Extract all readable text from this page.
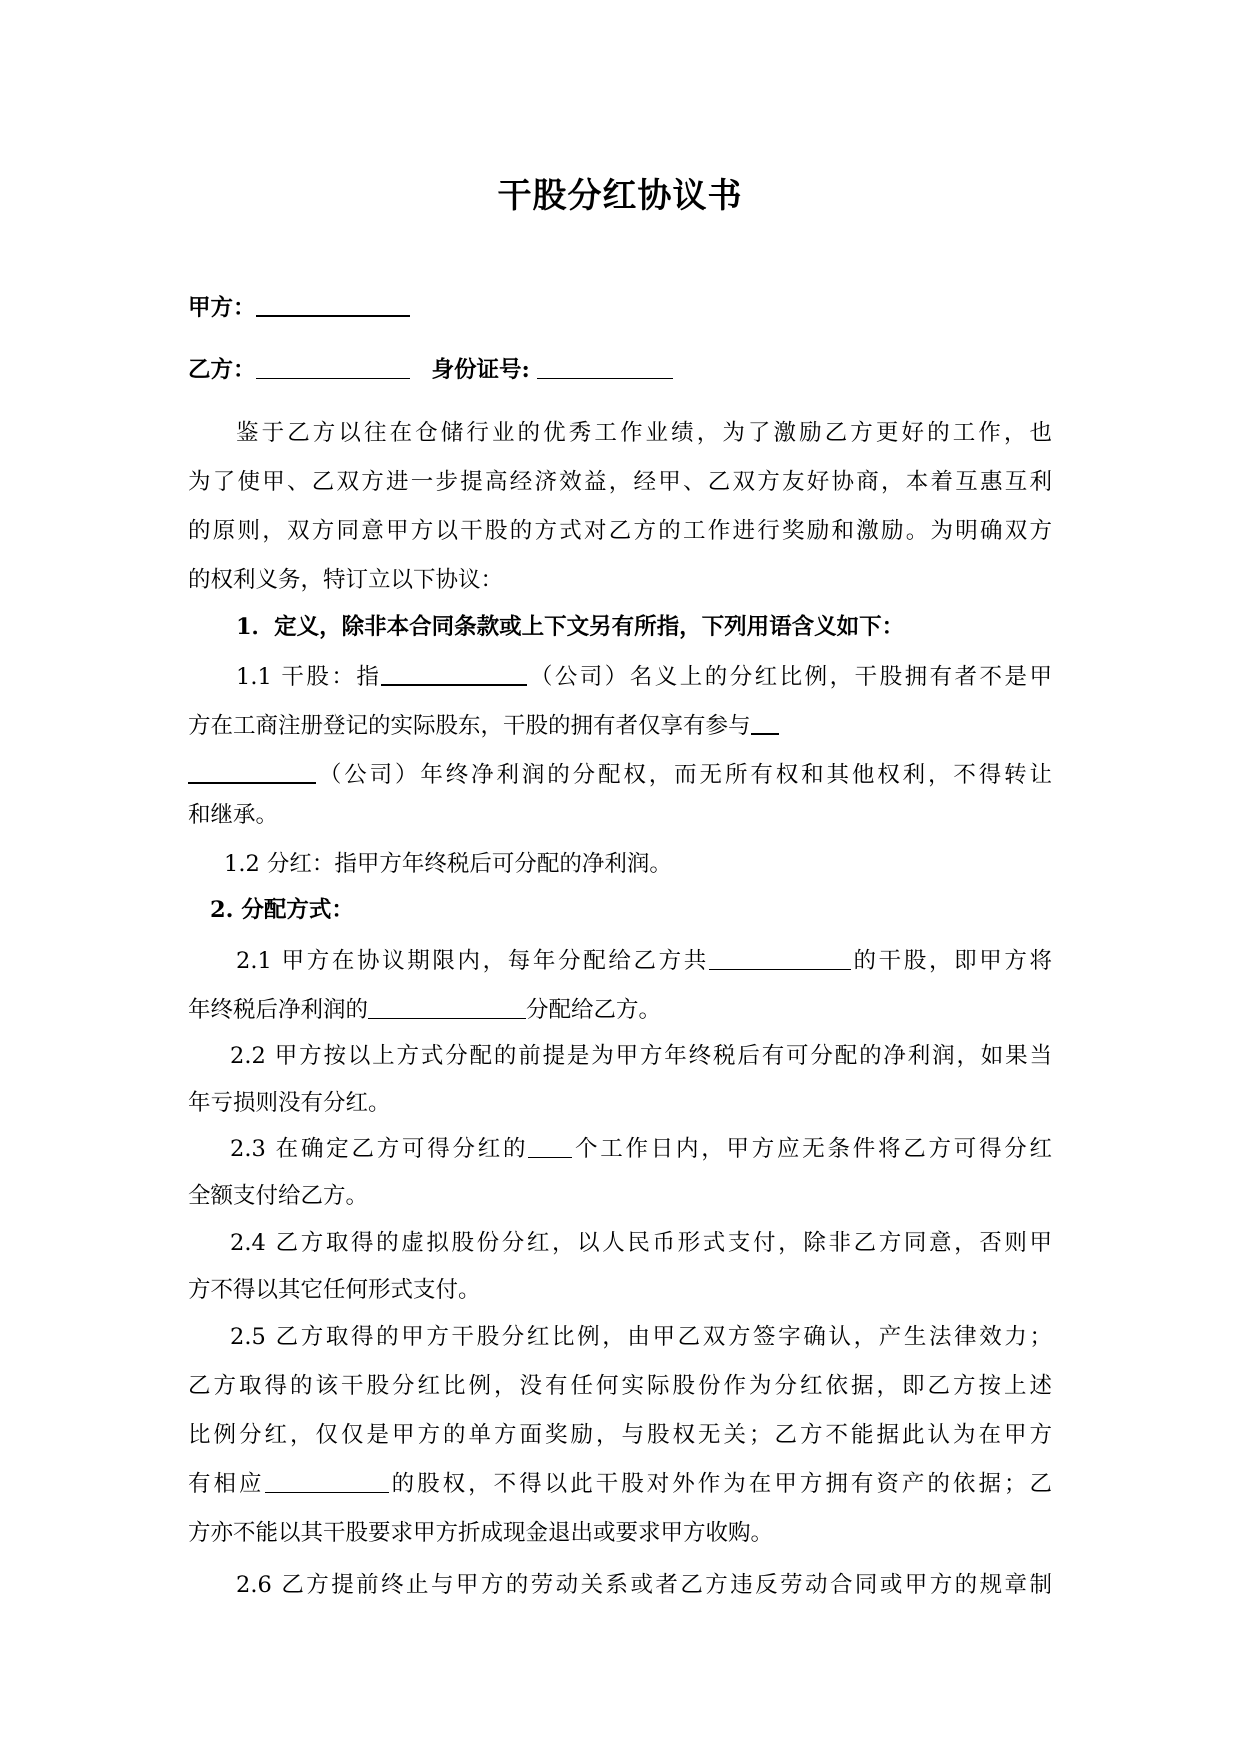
干股分红协议书
甲方：
乙方：	身份证号:
鉴于乙方以往在仓储行业的优秀工作业绩，为了激励乙方更好的工作，也
为了使甲、乙双方进一步提高经济效益，经甲、乙双方友好协商，本着互惠互利
的原则，双方同意甲方以干股的方式对乙方的工作进行奖励和激励。为明确双方
的权利义务，特订立以下协议：
1．定义，除非本合同条款或上下文另有所指，下列用语含义如下：
1.1 干股：指	（公司）名义上的分红比例，干股拥有者不是甲
方在工商注册登记的实际股东，干股的拥有者仅享有参与
（公司）年终净利润的分配权，而无所有权和其他权利，不得转让
和继承。
1.2 分红：指甲方年终税后可分配的净利润。
2. 分配方式：
2.1 甲方在协议期限内，每年分配给乙方共	的干股，即甲方将
年终税后净利润的	分配给乙方。
2.2 甲方按以上方式分配的前提是为甲方年终税后有可分配的净利润，如果当
年亏损则没有分红。
2.3 在确定乙方可得分红的 个工作日内，甲方应无条件将乙方可得分红
全额支付给乙方。
2.4 乙方取得的虚拟股份分红，以人民币形式支付，除非乙方同意，否则甲
方不得以其它任何形式支付。
2.5 乙方取得的甲方干股分红比例，由甲乙双方签字确认，产生法律效力；
乙方取得的该干股分红比例，没有任何实际股份作为分红依据，即乙方按上述
比例分红，仅仅是甲方的单方面奖励，与股权无关；乙方不能据此认为在甲方
有相应	的股权，不得以此干股对外作为在甲方拥有资产的依据；乙
方亦不能以其干股要求甲方折成现金退出或要求甲方收购。
2.6 乙方提前终止与甲方的劳动关系或者乙方违反劳动合同或甲方的规章制
